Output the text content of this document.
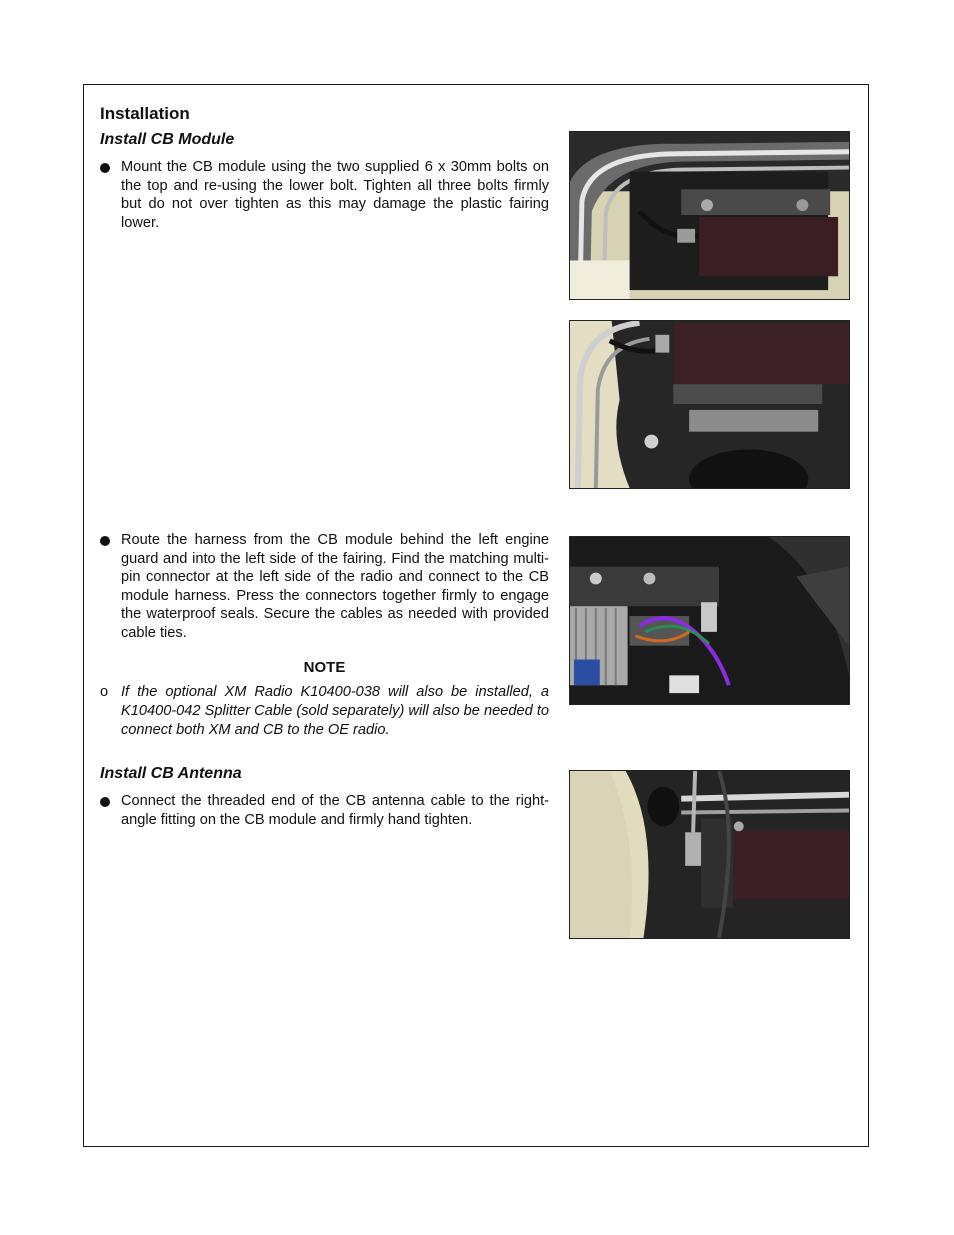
Installation
Install CB Module
Mount the CB module using the two supplied 6 x 30mm bolts on the top and re-using the lower bolt. Tighten all three bolts firmly but do not over tighten as this may damage the plastic fairing lower.
Route the harness from the CB module behind the left engine guard and into the left side of the fairing. Find the matching multi-pin connector at the left side of the radio and connect to the CB module harness. Press the connectors together firmly to engage the waterproof seals. Secure the cables as needed with provided cable ties.
NOTE
o If the optional XM Radio K10400-038 will also be installed, a K10400-042 Splitter Cable (sold separately) will also be needed to connect both XM and CB to the OE radio.
Install CB Antenna
Connect the threaded end of the CB antenna cable to the right-angle fitting on the CB module and firmly hand tighten.
